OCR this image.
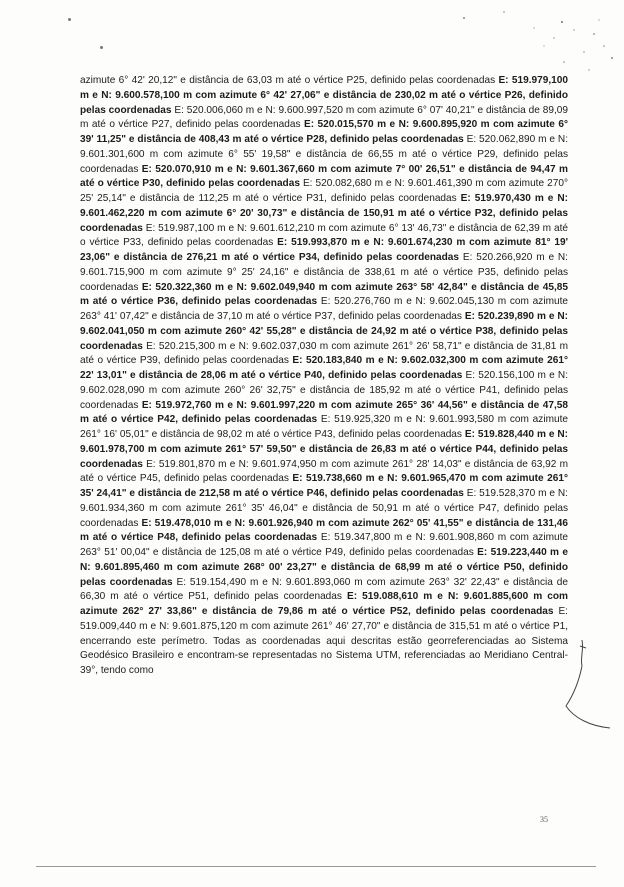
azimute 6° 42' 20,12" e distância de 63,03 m até o vértice P25, definido pelas coordenadas E: 519.979,100 m e N: 9.600.578,100 m com azimute 6° 42' 27,06" e distância de 230,02 m até o vértice P26, definido pelas coordenadas E: 520.006,060 m e N: 9.600.997,520 m com azimute 6° 07' 40,21" e distância de 89,09 m até o vértice P27, definido pelas coordenadas E: 520.015,570 m e N: 9.600.895,920 m com azimute 6° 39' 11,25" e distância de 408,43 m até o vértice P28, definido pelas coordenadas E: 520.062,890 m e N: 9.601.301,600 m com azimute 6° 55' 19,58" e distância de 66,55 m até o vértice P29, definido pelas coordenadas E: 520.070,910 m e N: 9.601.367,660 m com azimute 7° 00' 26,51" e distância de 94,47 m até o vértice P30, definido pelas coordenadas E: 520.082,680 m e N: 9.601.461,390 m com azimute 270° 25' 25,14" e distância de 112,25 m até o vértice P31, definido pelas coordenadas E: 519.970,430 m e N: 9.601.462,220 m com azimute 6° 20' 30,73" e distância de 150,91 m até o vértice P32, definido pelas coordenadas E: 519.987,100 m e N: 9.601.612,210 m com azimute 6° 13' 46,73" e distância de 62,39 m até o vértice P33, definido pelas coordenadas E: 519.993,870 m e N: 9.601.674,230 m com azimute 81° 19' 23,06" e distância de 276,21 m até o vértice P34, definido pelas coordenadas E: 520.266,920 m e N: 9.601.715,900 m com azimute 9° 25' 24,16" e distância de 338,61 m até o vértice P35, definido pelas coordenadas E: 520.322,360 m e N: 9.602.049,940 m com azimute 263° 58' 42,84" e distância de 45,85 m até o vértice P36, definido pelas coordenadas E: 520.276,760 m e N: 9.602.045,130 m com azimute 263° 41' 07,42" e distância de 37,10 m até o vértice P37, definido pelas coordenadas E: 520.239,890 m e N: 9.602.041,050 m com azimute 260° 42' 55,28" e distância de 24,92 m até o vértice P38, definido pelas coordenadas E: 520.215,300 m e N: 9.602.037,030 m com azimute 261° 26' 58,71" e distância de 31,81 m até o vértice P39, definido pelas coordenadas E: 520.183,840 m e N: 9.602.032,300 m com azimute 261° 22' 13,01" e distância de 28,06 m até o vértice P40, definido pelas coordenadas E: 520.156,100 m e N: 9.602.028,090 m com azimute 260° 26' 32,75" e distância de 185,92 m até o vértice P41, definido pelas coordenadas E: 519.972,760 m e N: 9.601.997,220 m com azimute 265° 36' 44,56" e distância de 47,58 m até o vértice P42, definido pelas coordenadas E: 519.925,320 m e N: 9.601.993,580 m com azimute 261° 16' 05,01" e distância de 98,02 m até o vértice P43, definido pelas coordenadas E: 519.828,440 m e N: 9.601.978,700 m com azimute 261° 57' 59,50" e distância de 26,83 m até o vértice P44, definido pelas coordenadas E: 519.801,870 m e N: 9.601.974,950 m com azimute 261° 28' 14,03" e distância de 63,92 m até o vértice P45, definido pelas coordenadas E: 519.738,660 m e N: 9.601.965,470 m com azimute 261° 35' 24,41" e distância de 212,58 m até o vértice P46, definido pelas coordenadas E: 519.528,370 m e N: 9.601.934,360 m com azimute 261° 35' 46,04" e distância de 50,91 m até o vértice P47, definido pelas coordenadas E: 519.478,010 m e N: 9.601.926,940 m com azimute 262° 05' 41,55" e distância de 131,46 m até o vértice P48, definido pelas coordenadas E: 519.347,800 m e N: 9.601.908,860 m com azimute 263° 51' 00,04" e distância de 125,08 m até o vértice P49, definido pelas coordenadas E: 519.223,440 m e N: 9.601.895,460 m com azimute 268° 00' 23,27" e distância de 68,99 m até o vértice P50, definido pelas coordenadas E: 519.154,490 m e N: 9.601.893,060 m com azimute 263° 32' 22,43" e distância de 66,30 m até o vértice P51, definido pelas coordenadas E: 519.088,610 m e N: 9.601.885,600 m com azimute 262° 27' 33,86" e distância de 79,86 m até o vértice P52, definido pelas coordenadas E: 519.009,440 m e N: 9.601.875,120 m com azimute 261° 46' 27,70" e distância de 315,51 m até o vértice P1, encerrando este perímetro. Todas as coordenadas aqui descritas estão georreferenciadas ao Sistema Geodésico Brasileiro e encontram-se representadas no Sistema UTM, referenciadas ao Meridiano Central-39°, tendo como

35
